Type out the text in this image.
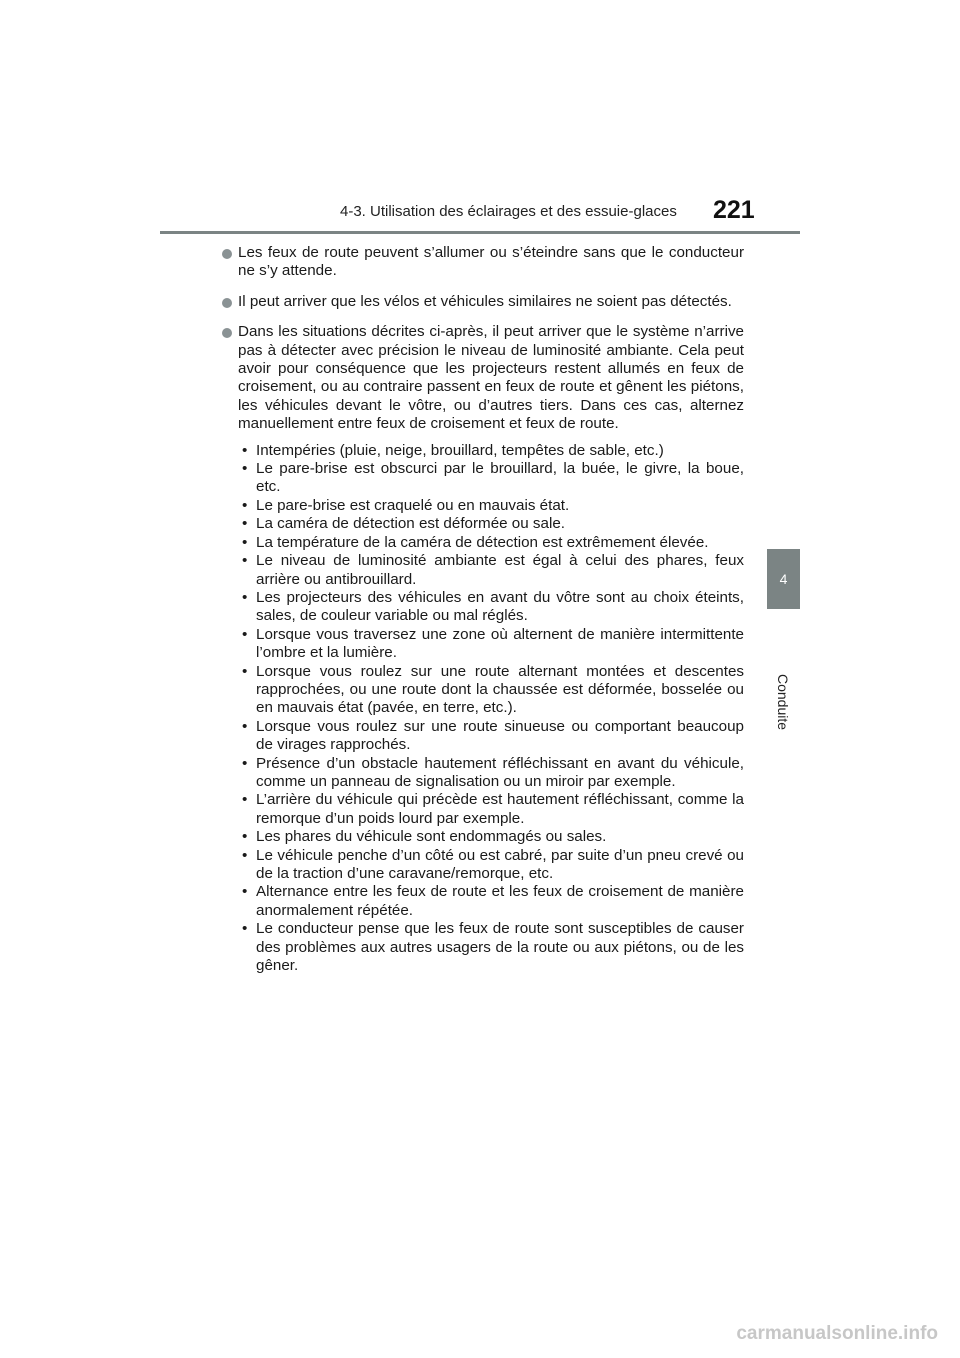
4-3. Utilisation des éclairages et des essuie-glaces 221
4
Conduite
Les feux de route peuvent s’allumer ou s’éteindre sans que le conducteur ne s’y attende.
Il peut arriver que les vélos et véhicules similaires ne soient pas détectés.
Dans les situations décrites ci-après, il peut arriver que le système n’arrive pas à détecter avec précision le niveau de luminosité ambiante. Cela peut avoir pour conséquence que les projecteurs restent allumés en feux de croisement, ou au contraire passent en feux de route et gênent les piétons, les véhicules devant le vôtre, ou d’autres tiers. Dans ces cas, alternez manuellement entre feux de croisement et feux de route.
• Intempéries (pluie, neige, brouillard, tempêtes de sable, etc.)
• Le pare-brise est obscurci par le brouillard, la buée, le givre, la boue, etc.
• Le pare-brise est craquelé ou en mauvais état.
• La caméra de détection est déformée ou sale.
• La température de la caméra de détection est extrêmement élevée.
• Le niveau de luminosité ambiante est égal à celui des phares, feux arrière ou antibrouillard.
• Les projecteurs des véhicules en avant du vôtre sont au choix éteints, sales, de couleur variable ou mal réglés.
• Lorsque vous traversez une zone où alternent de manière intermittente l’ombre et la lumière.
• Lorsque vous roulez sur une route alternant montées et descentes rapprochées, ou une route dont la chaussée est déformée, bosselée ou en mauvais état (pavée, en terre, etc.).
• Lorsque vous roulez sur une route sinueuse ou comportant beaucoup de virages rapprochés.
• Présence d’un obstacle hautement réfléchissant en avant du véhicule, comme un panneau de signalisation ou un miroir par exemple.
• L’arrière du véhicule qui précède est hautement réfléchissant, comme la remorque d’un poids lourd par exemple.
• Les phares du véhicule sont endommagés ou sales.
• Le véhicule penche d’un côté ou est cabré, par suite d’un pneu crevé ou de la traction d’une caravane/remorque, etc.
• Alternance entre les feux de route et les feux de croisement de manière anormalement répétée.
• Le conducteur pense que les feux de route sont susceptibles de causer des problèmes aux autres usagers de la route ou aux piétons, ou de les gêner.
carmanualsonline.info
